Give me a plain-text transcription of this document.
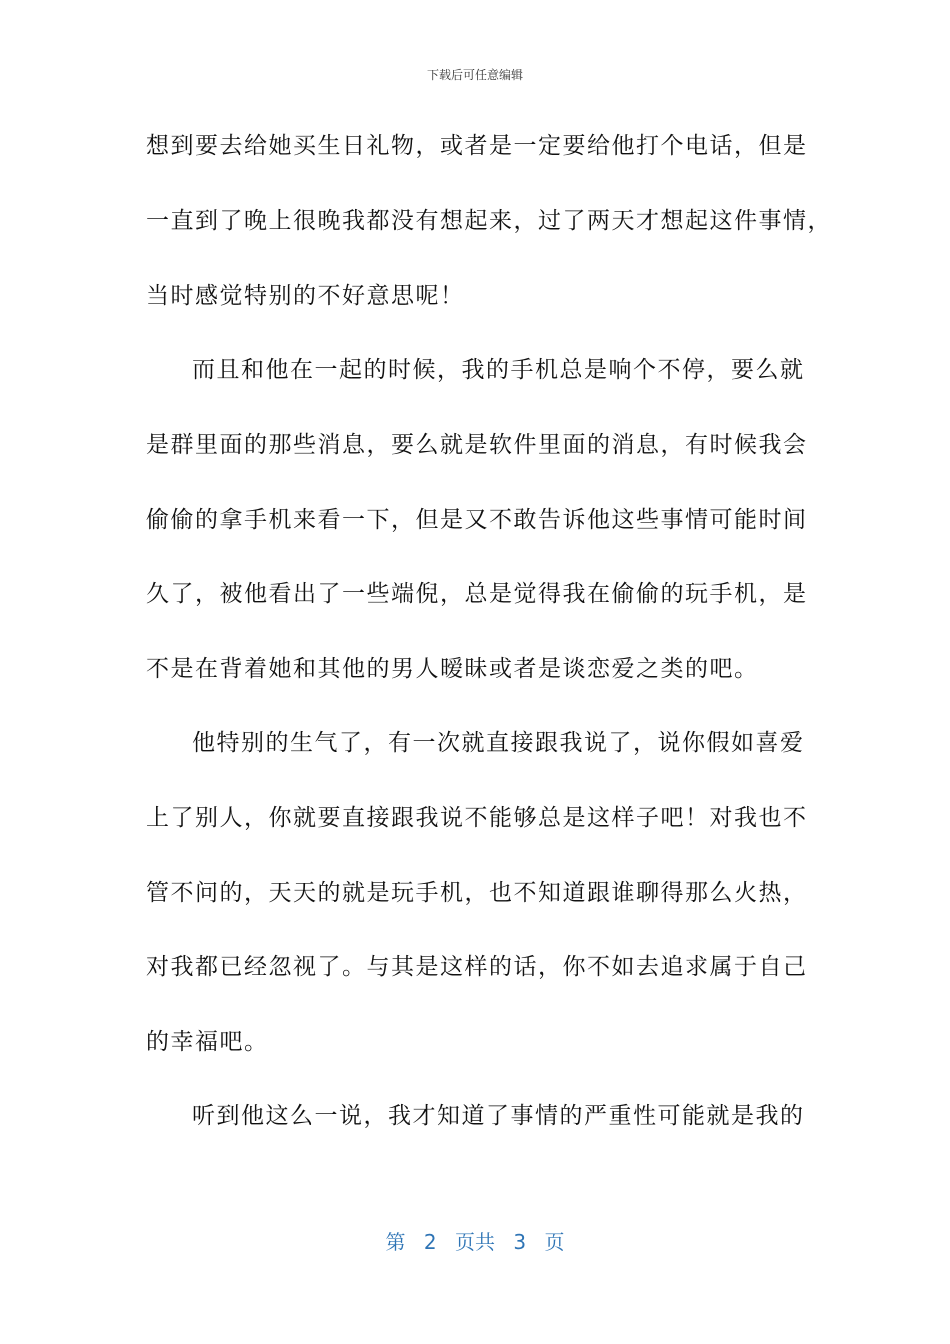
下载后可任意编辑
想到要去给她买生日礼物，或者是一定要给他打个电话，但是
一直到了晚上很晚我都没有想起来，过了两天才想起这件事情，
当时感觉特别的不好意思呢！
而且和他在一起的时候，我的手机总是响个不停，要么就
是群里面的那些消息，要么就是软件里面的消息，有时候我会
偷偷的拿手机来看一下，但是又不敢告诉他这些事情可能时间
久了，被他看出了一些端倪，总是觉得我在偷偷的玩手机，是
不是在背着她和其他的男人暧昧或者是谈恋爱之类的吧。
他特别的生气了，有一次就直接跟我说了，说你假如喜爱
上了别人，你就要直接跟我说不能够总是这样子吧！对我也不
管不问的，天天的就是玩手机，也不知道跟谁聊得那么火热，
对我都已经忽视了。与其是这样的话，你不如去追求属于自己
的幸福吧。
听到他这么一说，我才知道了事情的严重性可能就是我的
第 2 页共 3 页
